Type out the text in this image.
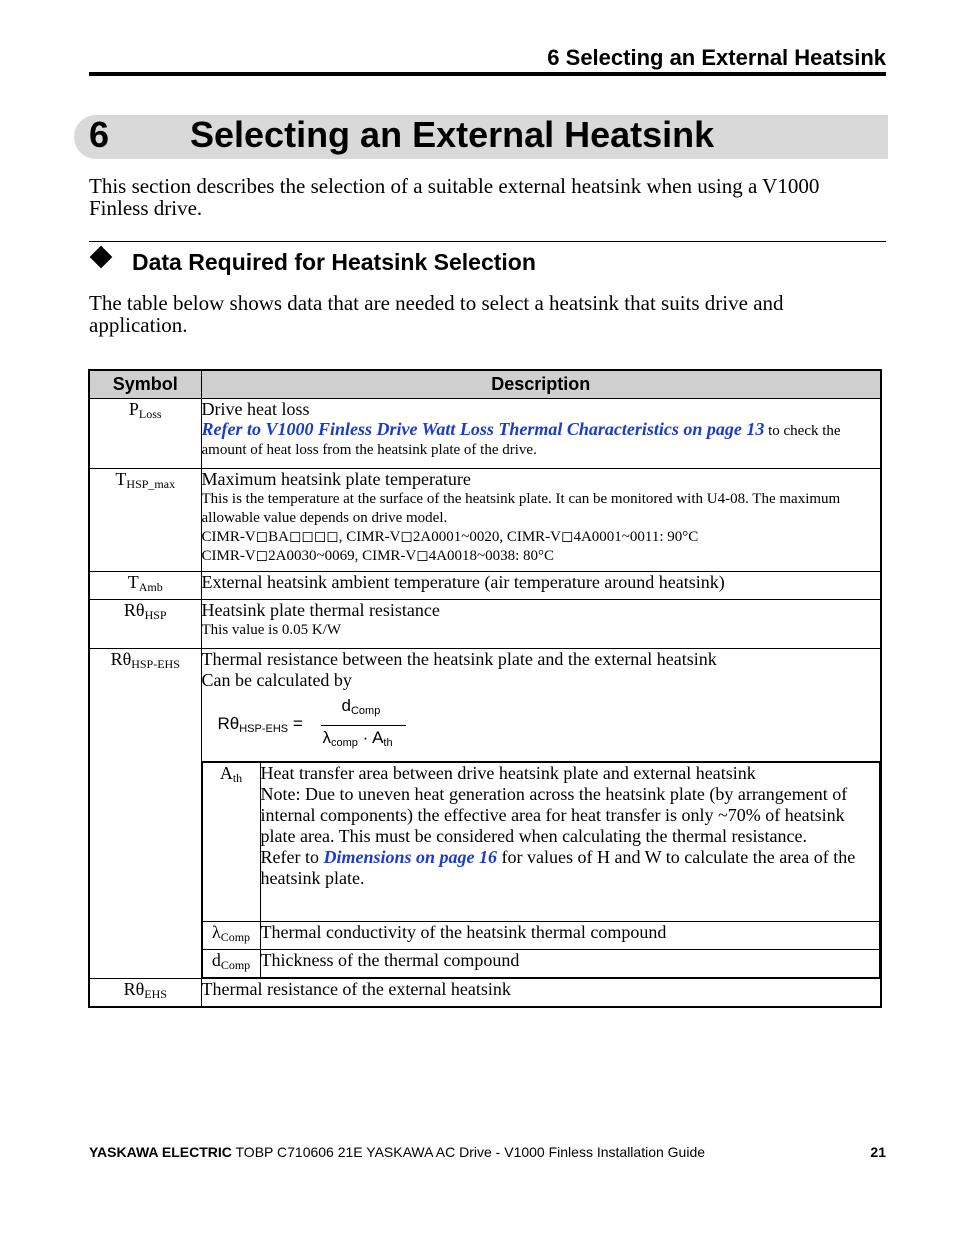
6 Selecting an External Heatsink
6 Selecting an External Heatsink
This section describes the selection of a suitable external heatsink when using a V1000 Finless drive.
Data Required for Heatsink Selection
The table below shows data that are needed to select a heatsink that suits drive and application.
Symbol	Description
$P_{Loss}$	Drive heat loss
Refer to V1000 Finless Drive Watt Loss Thermal Characteristics on page 13 to check the amount of heat loss from the heatsink plate of the drive.

$T_{HSP\_max}$	Maximum heatsink plate temperature
This is the temperature at the surface of the heatsink plate. It can be monitored with U4-08. The maximum allowable value depends on drive model.
CIMR-V◻BA◻◻◻◻, CIMR-V◻2A0001~0020, CIMR-V◻4A0001~0011: 90°C
CIMR-V◻2A0030~0069, CIMR-V◻4A0018~0038: 80°C

$T_{Amb}$	External heatsink ambient temperature (air temperature around heatsink)

$R\theta_{HSP}$	Heatsink plate thermal resistance
This value is 0.05 K/W

$R\theta_{HSP-EHS}$	Thermal resistance between the heatsink plate and the external heatsink
Can be calculated by
$R\theta_{HSP-EHS}$ =
$d_{Comp}$
$\lambda_{comp} \cdot A_{th}$

$A_{th}$	Heat transfer area between drive heatsink plate and external heatsink
Note: Due to uneven heat generation across the heatsink plate (by arrangement of internal components) the effective area for heat transfer is only ~70% of heatsink plate area. This must be considered when calculating the thermal resistance.
Refer to Dimensions on page 16 for values of H and W to calculate the area of the heatsink plate.

$\lambda_{Comp}$	Thermal conductivity of the heatsink thermal compound

$d_{Comp}$	Thickness of the thermal compound

$R\theta_{EHS}$	Thermal resistance of the external heatsink
YASKAWA ELECTRIC TOBP C710606 21E YASKAWA AC Drive - V1000 Finless Installation Guide	21
